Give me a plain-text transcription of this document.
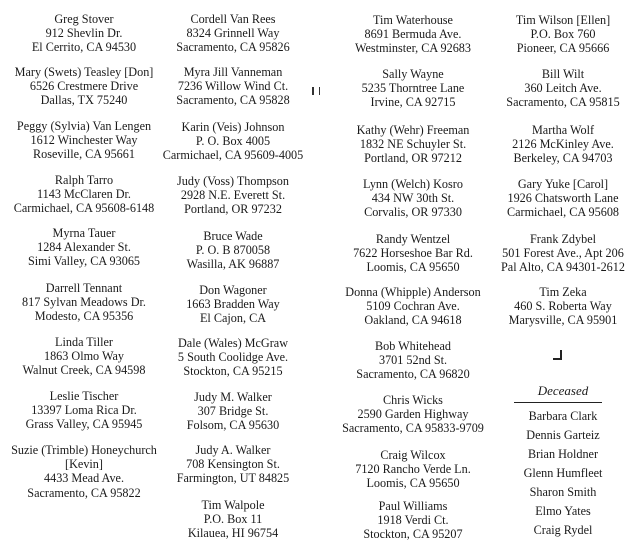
Greg Stover
912 Shevlin Dr.
El Cerrito, CA 94530
Mary (Swets) Teasley [Don]
6526 Crestmere Drive
Dallas, TX 75240
Peggy (Sylvia) Van Lengen
1612 Winchester Way
Roseville, CA 95661
Ralph Tarro
1143 McClaren Dr.
Carmichael, CA 95608-6148
Myrna Tauer
1284 Alexander St.
Simi Valley, CA 93065
Darrell Tennant
817 Sylvan Meadows Dr.
Modesto, CA 95356
Linda Tiller
1863 Olmo Way
Walnut Creek, CA 94598
Leslie Tischer
13397 Loma Rica Dr.
Grass Valley, CA 95945
Suzie (Trimble) Honeychurch
[Kevin]
4433 Mead Ave.
Sacramento, CA 95822
Cordell Van Rees
8324 Grinnell Way
Sacramento, CA 95826
Myra Jill Vanneman
7236 Willow Wind Ct.
Sacramento, CA 95828
Karin (Veis) Johnson
P. O. Box 4005
Carmichael, CA 95609-4005
Judy (Voss) Thompson
2928 N.E. Everett St.
Portland, OR 97232
Bruce Wade
P. O. B 870058
Wasilla, AK 96887
Don Wagoner
1663 Bradden Way
El Cajon, CA
Dale (Wales) McGraw
5 South Coolidge Ave.
Stockton, CA 95215
Judy M. Walker
307 Bridge St.
Folsom, CA 95630
Judy A. Walker
708 Kensington St.
Farmington, UT 84825
Tim Walpole
P.O. Box 11
Kilauea, HI 96754
Tim Waterhouse
8691 Bermuda Ave.
Westminster, CA 92683
Sally Wayne
5235 Thorntree Lane
Irvine, CA 92715
Kathy (Wehr) Freeman
1832 NE Schuyler St.
Portland, OR 97212
Lynn (Welch) Kosro
434 NW 30th St.
Corvalis, OR 97330
Randy Wentzel
7622 Horseshoe Bar Rd.
Loomis, CA 95650
Donna (Whipple) Anderson
5109 Cochran Ave.
Oakland, CA 94618
Bob Whitehead
3701 52nd St.
Sacramento, CA 96820
Chris Wicks
2590 Garden Highway
Sacramento, CA 95833-9709
Craig Wilcox
7120 Rancho Verde Ln.
Loomis, CA 95650
Paul Williams
1918 Verdi Ct.
Stockton, CA 95207
Tim Wilson [Ellen]
P.O. Box 760
Pioneer, CA 95666
Bill Wilt
360 Leitch Ave.
Sacramento, CA 95815
Martha Wolf
2126 McKinley Ave.
Berkeley, CA 94703
Gary Yuke [Carol]
1926 Chatsworth Lane
Carmichael, CA 95608
Frank Zdybel
501 Forest Ave., Apt 206
Pal Alto, CA 94301-2612
Tim Zeka
460 S. Roberta Way
Marysville, CA 95901
Deceased
Barbara Clark
Dennis Garteiz
Brian Holdner
Glenn Humfleet
Sharon Smith
Elmo Yates
Craig Rydel
